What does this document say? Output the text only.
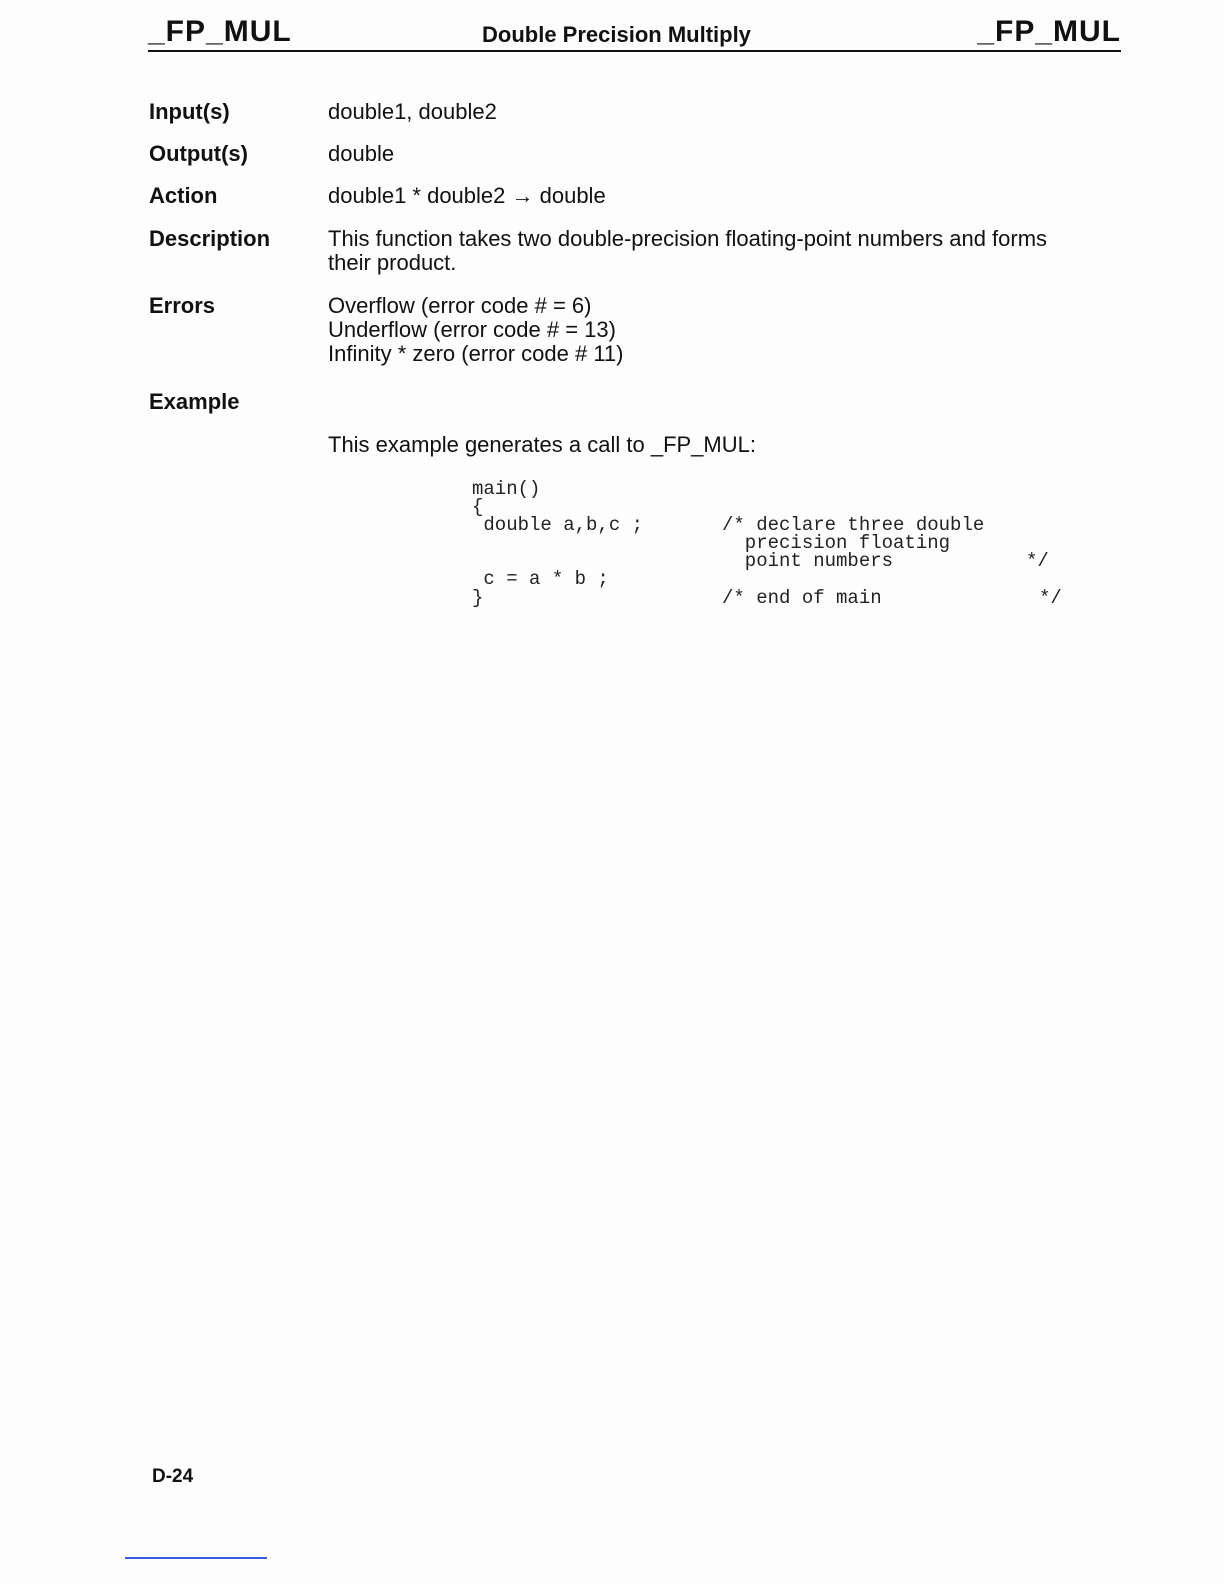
_FP_MUL	Double Precision Multiply	_FP_MUL
Input(s)	double1, double2
Output(s)	double
Action	double1 * double2 → double
Description	This function takes two double-precision floating-point numbers and forms
their product.
Errors	Overflow (error code # = 6)
Underflow (error code # = 13)
Infinity * zero (error code # 11)
Example
This example generates a call to _FP_MUL:
main()
{
double a,b,c ;	/* declare three double
precision floating
point numbers	*/
c = a * b ;
}	/* end of main	*/
D-24
